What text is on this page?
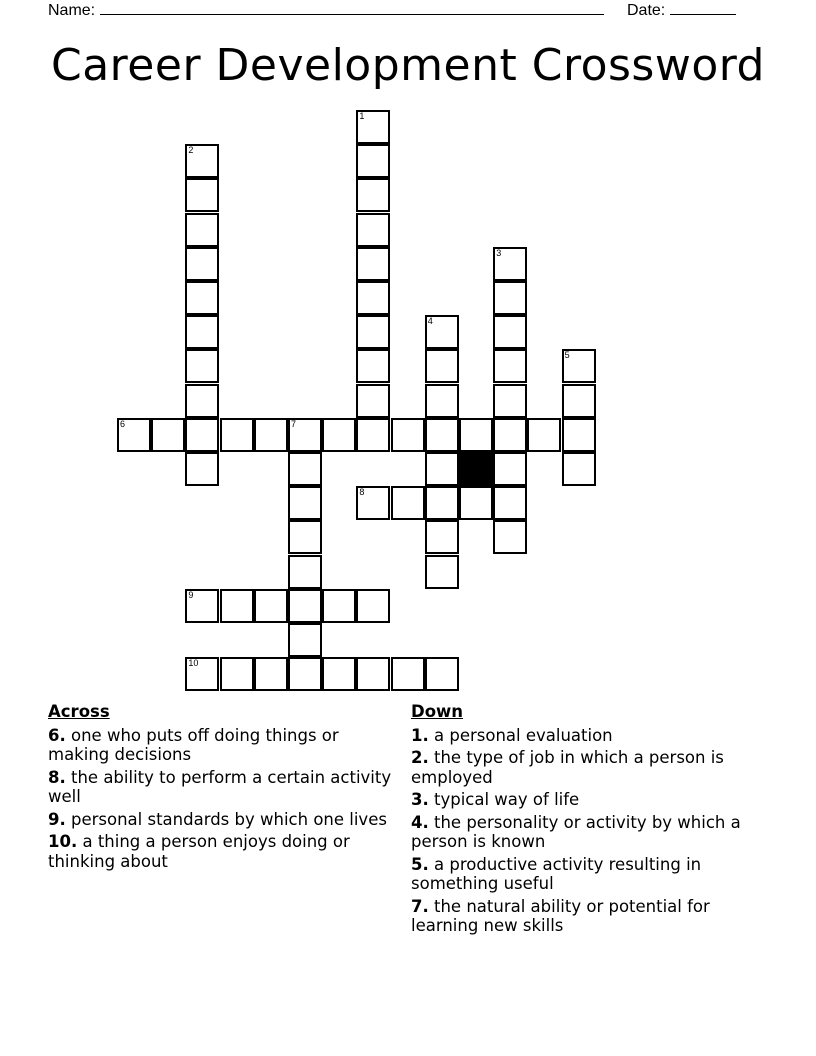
Name:	Date:
Career Development Crossword
1
2
3
4
5
6	7
8
9
10
Across
6. one who puts off doing things or making decisions
8. the ability to perform a certain activity well
9. personal standards by which one lives
10. a thing a person enjoys doing or thinking about
Down
1. a personal evaluation
2. the type of job in which a person is employed
3. typical way of life
4. the personality or activity by which a person is known
5. a productive activity resulting in something useful
7. the natural ability or potential for learning new skills
